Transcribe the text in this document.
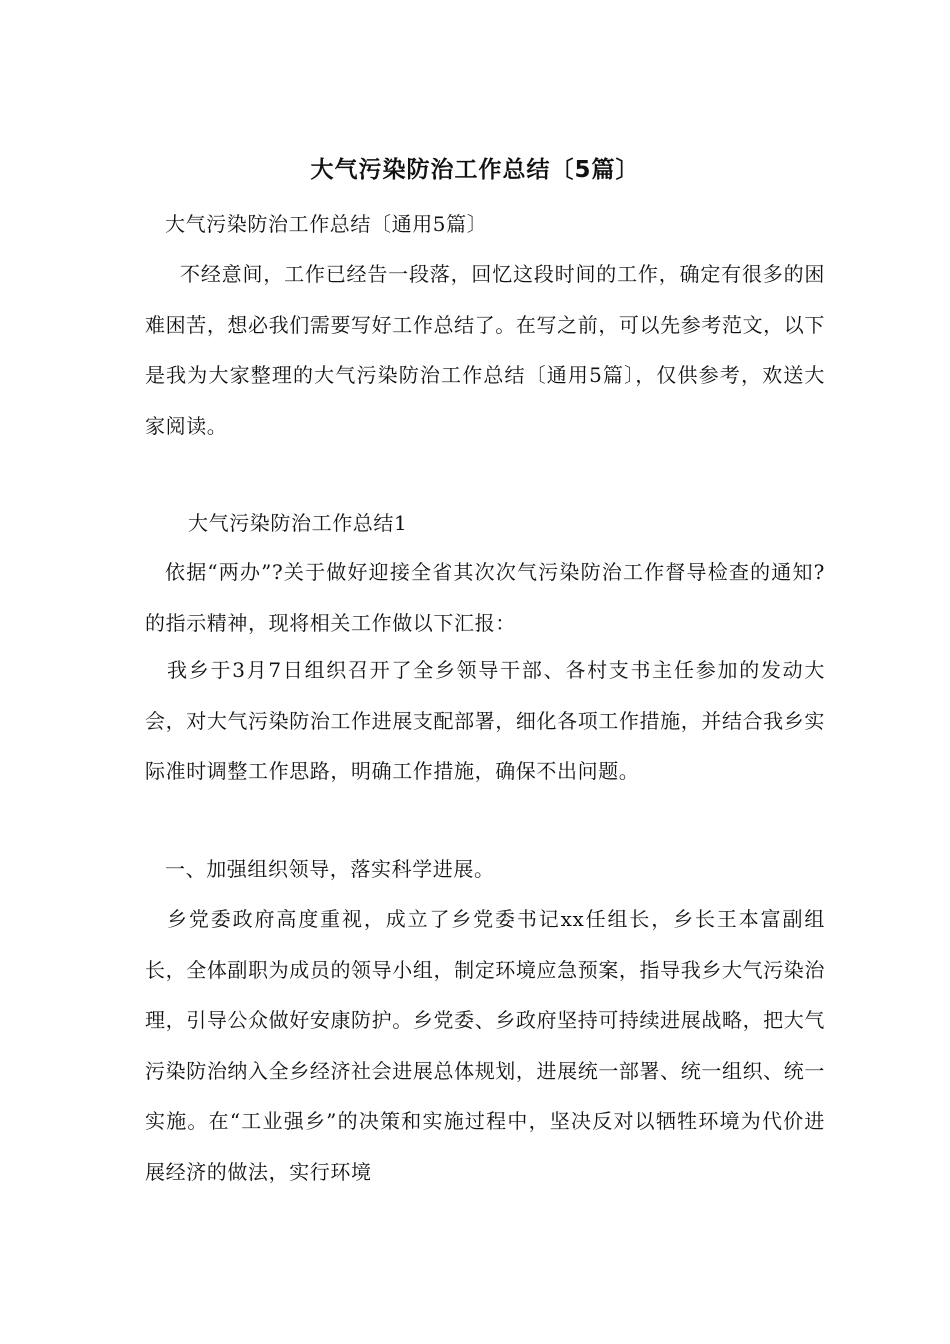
大气污染防治工作总结〔5篇〕
大气污染防治工作总结〔通用5篇〕

不经意间，工作已经告一段落，回忆这段时间的工作，确定有很多的困难困苦，想必我们需要写好工作总结了。在写之前，可以先参考范文，以下是我为大家整理的大气污染防治工作总结〔通用5篇〕，仅供参考，欢送大家阅读。

大气污染防治工作总结1

依据“两办”?关于做好迎接全省其次次气污染防治工作督导检查的通知?的指示精神，现将相关工作做以下汇报：

我乡于3月7日组织召开了全乡领导干部、各村支书主任参加的发动大会，对大气污染防治工作进展支配部署，细化各项工作措施，并结合我乡实际准时调整工作思路，明确工作措施，确保不出问题。

一、加强组织领导，落实科学进展。

乡党委政府高度重视，成立了乡党委书记xx任组长，乡长王本富副组长，全体副职为成员的领导小组，制定环境应急预案，指导我乡大气污染治理，引导公众做好安康防护。乡党委、乡政府坚持可持续进展战略，把大气污染防治纳入全乡经济社会进展总体规划，进展统一部署、统一组织、统一实施。在“工业强乡”的决策和实施过程中，坚决反对以牺牲环境为代价进展经济的做法，实行环境
